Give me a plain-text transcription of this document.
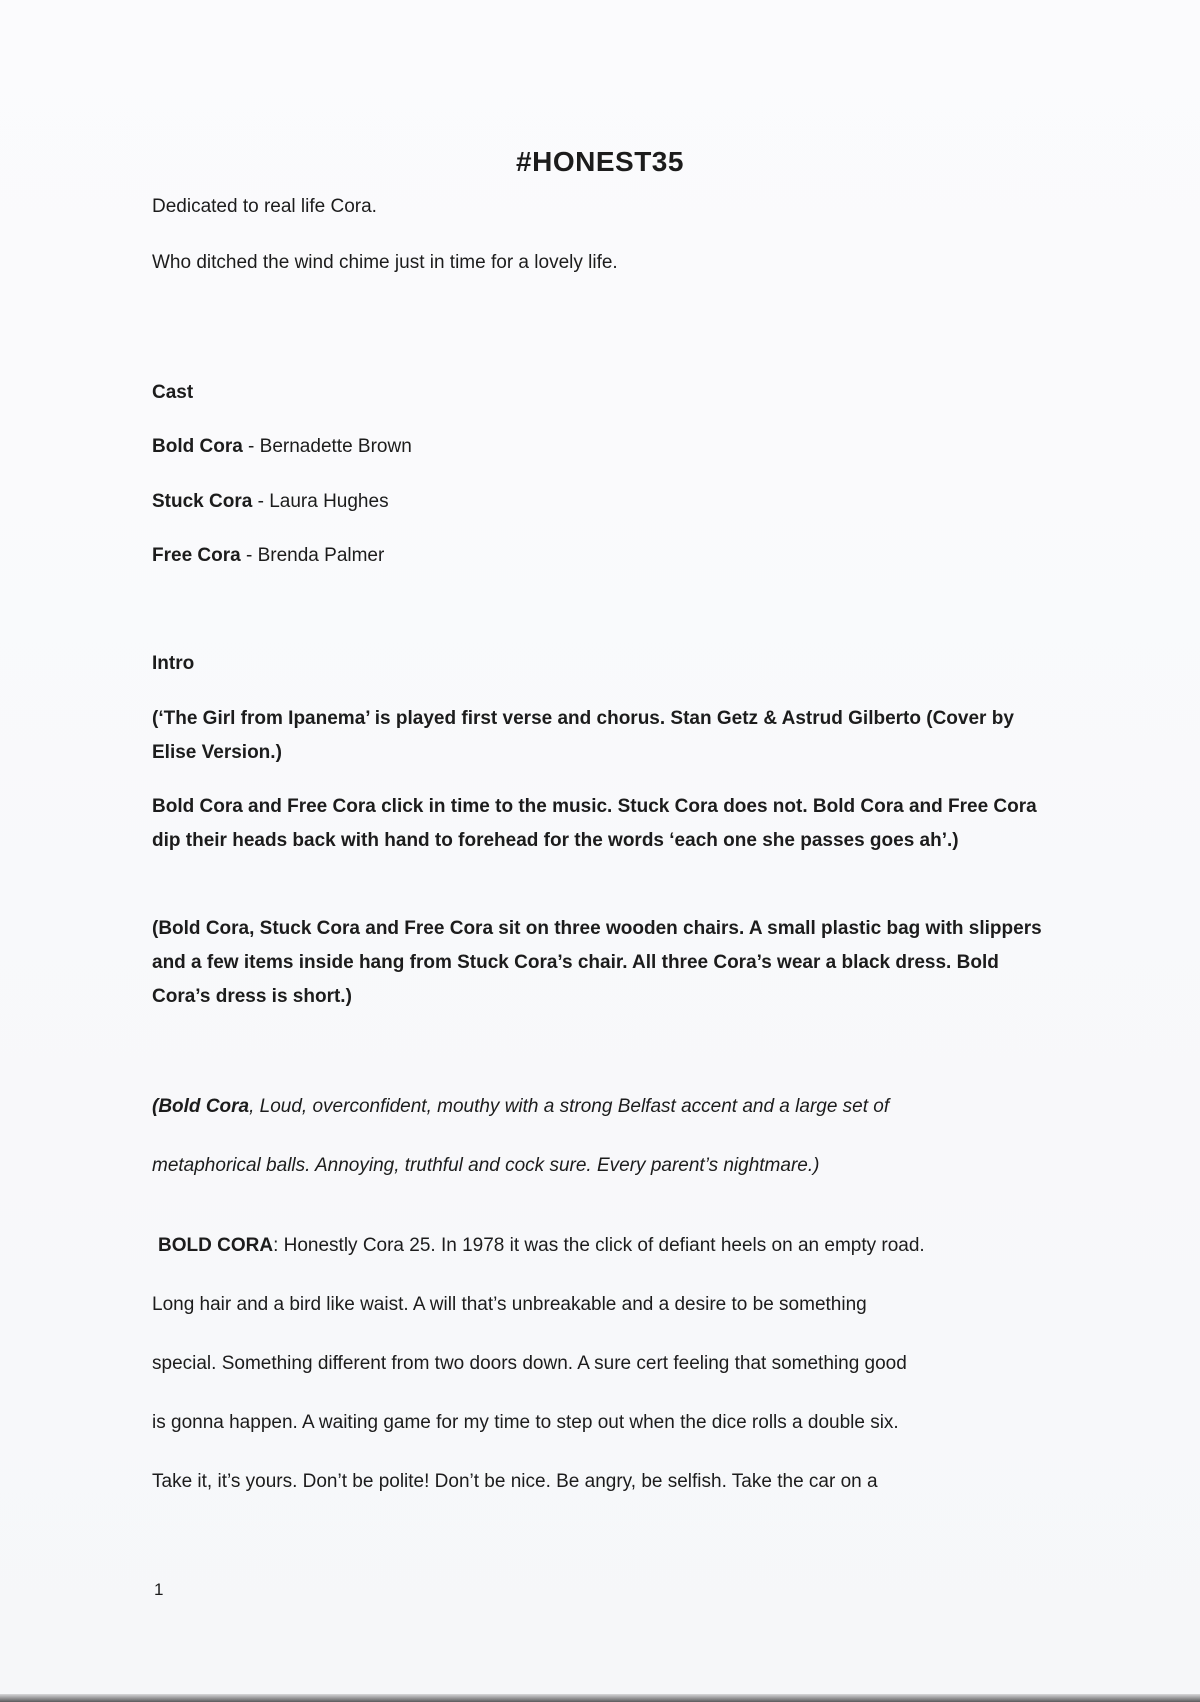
#HONEST35
Dedicated to real life Cora.
Who ditched the wind chime just in time for a lovely life.
Cast
Bold Cora - Bernadette Brown
Stuck Cora - Laura Hughes
Free Cora - Brenda Palmer
Intro
(‘The Girl from Ipanema’ is played first verse and chorus. Stan Getz & Astrud Gilberto (Cover by Elise Version.)
Bold Cora and Free Cora click in time to the music. Stuck Cora does not. Bold Cora and Free Cora dip their heads back with hand to forehead for the words ‘each one she passes goes ah’.)
(Bold Cora, Stuck Cora and Free Cora sit on three wooden chairs. A small plastic bag with slippers and a few items inside hang from Stuck Cora’s chair. All three Cora’s wear a black dress. Bold Cora’s dress is short.)
(Bold Cora, Loud, overconfident, mouthy with a strong Belfast accent and a large set of
metaphorical balls. Annoying, truthful and cock sure. Every parent’s nightmare.)
BOLD CORA: Honestly Cora 25. In 1978 it was the click of defiant heels on an empty road.
Long hair and a bird like waist. A will that’s unbreakable and a desire to be something
special. Something different from two doors down. A sure cert feeling that something good
is gonna happen. A waiting game for my time to step out when the dice rolls a double six.
Take it, it’s yours. Don’t be polite! Don’t be nice. Be angry, be selfish. Take the car on a
1
